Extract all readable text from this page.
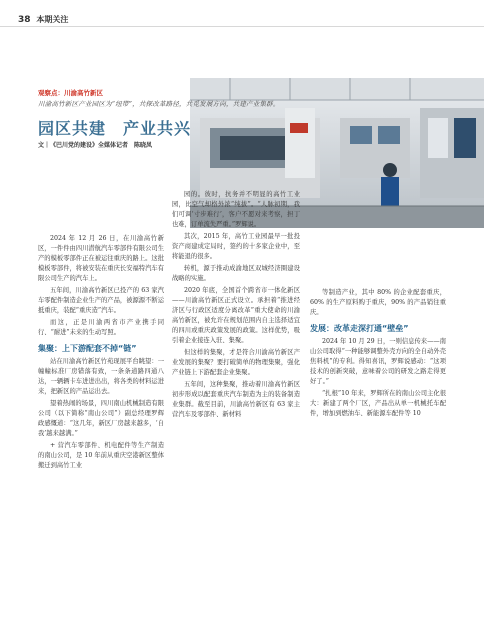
38 本期关注
观察点：川渝高竹新区
川渝高竹新区产业园区为“纽带”，共探改革路径，共觅发展方向，共建产业集群。
园区共建　产业共兴
文｜《巴川党的建设》全媒体记者　陈晓凤

2024 年 12 月 26 日，在川渝高竹新区，一件件由四川潜航汽车零部件有限公司生产的模板零部件正在被运往重庆的路上。这批模板零部件，将被安装在重庆长安福特汽车有限公司生产的汽车上。

五年间，川渝高竹新区已投产的 63 家汽车零配件制造企业生产的产品，被源源不断运抵重庆，装配“重庆造”汽车。

而这，正是川渝两省市产业携手同行、“耐进”未来的生动写照。

集聚：上下游配套不掉“链”

站在川渝高竹新区竹苑现展平台眺望：一幢幢标准厂房错落有致，一条条道路四通八达，一辆辆卡车进进出出，将各类的材料运进来，把新区的产品运出去。

望着热闹的场景，四川南山机械制造有限公司（以下简称“南山公司”）副总经理罗辉政感慨道：“这几年，新区厂房越来越多，‘自我’越来越满。”

+ 营汽车零部件、机电配件等生产制造的南山公司，是 10 年前从重庆空港新区整体搬迁到高竹工业

园的。彼时，抗务并不明显的高竹工业园，比空气却格外浓“纯拔”。“人脉初期，我们可调‘寸步难行’，客户不愿对来考察，担丁也难，订单流失严重。”罗辉说。

其次，2015 年，高竹工业园最早一批投资产商建成定局时，签约的十多家企业中，至将能退的很多。

转机，源于推动成渝地区双城经济圈建设战略的实施。

2020 年底，全国首个跨省市一体化新区——川渝高竹新区正式设立。承担着“推进经济区与行政区适度分离改革”重大使命的川渝高竹新区，被允许在规划范围内自主选择适宜的四川或重庆政策发展的政策。这样优势，吸引着企业接连入驻、集聚。

但这样的集聚，才是符合川渝高竹新区产业发展的集聚？要打破简单的物理集聚，强化产业链上下游配套企业集聚。

五年间，这种集聚，推动着川渝高竹新区初步形成以配套重庆汽车制造为主的装备制造业集群。截至目前，川渝高竹新区有 63 家主营汽车及零部件、新材料

等制造产业，其中 80% 的企业配套重庆，60% 的生产原料购于重庆，90% 的产品销往重庆。

发展：改革走深打通“壁垒”

2024 年 10 月 29 日，一则信息传来——南山公司取得“一种能够调整外壳方向的全自动外壳焦料机”的专利。得知喜讯，罗辉说感动：“这项技术的创新突破，意味着公司的研发之路走得更好了。”

“扎根”10 年来，罗辉所在的南山公司主化很大：新建了两个厂区，产品出从单一机械托车配件，增加到燃油车、新能源车配件等 10
